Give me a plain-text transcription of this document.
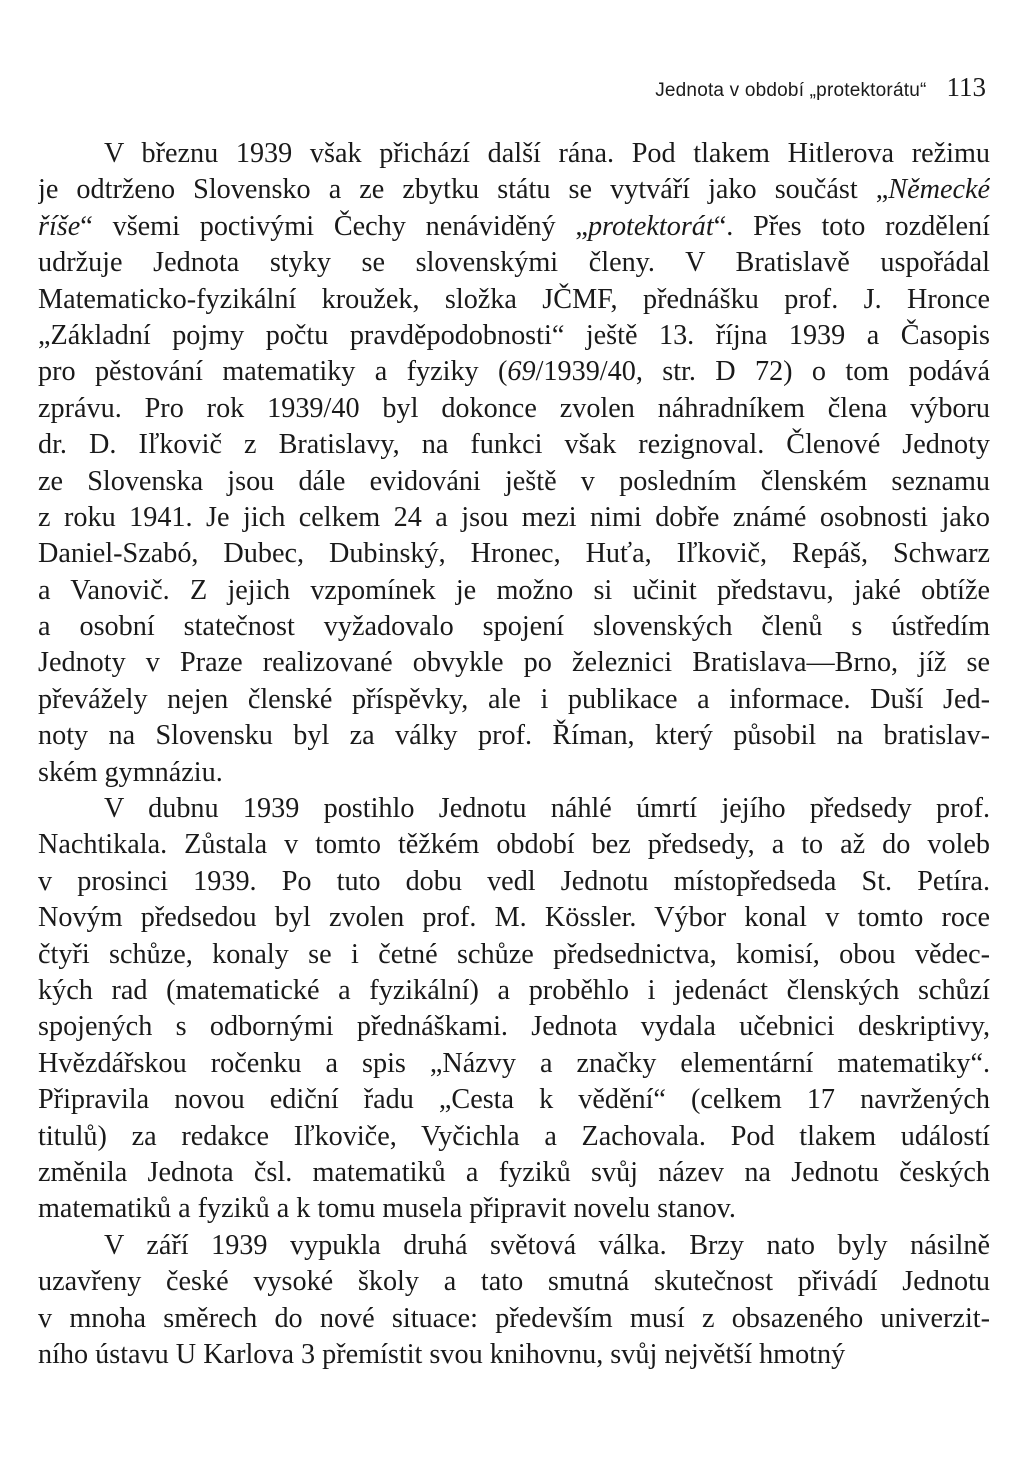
Jednota v období „protektorátu“ 113
V březnu 1939 však přichází další rána. Pod tlakem Hitlerova režimu
je odtrženo Slovensko a ze zbytku státu se vytváří jako součást „Německé
říše“ všemi poctivými Čechy nenáviděný „protektorát“. Přes toto rozdělení
udržuje Jednota styky se slovenskými členy. V Bratislavě uspořádal
Matematicko-fyzikální kroužek, složka JČMF, přednášku prof. J. Hronce
„Základní pojmy počtu pravděpodobnosti“ ještě 13. října 1939 a Časopis
pro pěstování matematiky a fyziky (69/1939/40, str. D 72) o tom podává
zprávu. Pro rok 1939/40 byl dokonce zvolen náhradníkem člena výboru
dr. D. Iľkovič z Bratislavy, na funkci však rezignoval. Členové Jednoty
ze Slovenska jsou dále evidováni ještě v posledním členském seznamu
z roku 1941. Je jich celkem 24 a jsou mezi nimi dobře známé osobnosti jako
Daniel-Szabó, Dubec, Dubinský, Hronec, Huťa, Iľkovič, Repáš, Schwarz
a Vanovič. Z jejich vzpomínek je možno si učinit představu, jaké obtíže
a osobní statečnost vyžadovalo spojení slovenských členů s ústředím
Jednoty v Praze realizované obvykle po železnici Bratislava—Brno, jíž se
převážely nejen členské příspěvky, ale i publikace a informace. Duší Jed-
noty na Slovensku byl za války prof. Říman, který působil na bratislav-
ském gymnáziu.
V dubnu 1939 postihlo Jednotu náhlé úmrtí jejího předsedy prof.
Nachtikala. Zůstala v tomto těžkém období bez předsedy, a to až do voleb
v prosinci 1939. Po tuto dobu vedl Jednotu místopředseda St. Petíra.
Novým předsedou byl zvolen prof. M. Kössler. Výbor konal v tomto roce
čtyři schůze, konaly se i četné schůze předsednictva, komisí, obou vědec-
kých rad (matematické a fyzikální) a proběhlo i jedenáct členských schůzí
spojených s odbornými přednáškami. Jednota vydala učebnici deskriptivy,
Hvězdářskou ročenku a spis „Názvy a značky elementární matematiky“.
Připravila novou ediční řadu „Cesta k vědění“ (celkem 17 navržených
titulů) za redakce Iľkoviče, Vyčichla a Zachovala. Pod tlakem událostí
změnila Jednota čsl. matematiků a fyziků svůj název na Jednotu českých
matematiků a fyziků a k tomu musela připravit novelu stanov.
V září 1939 vypukla druhá světová válka. Brzy nato byly násilně
uzavřeny české vysoké školy a tato smutná skutečnost přivádí Jednotu
v mnoha směrech do nové situace: především musí z obsazeného univerzit-
ního ústavu U Karlova 3 přemístit svou knihovnu, svůj největší hmotný
